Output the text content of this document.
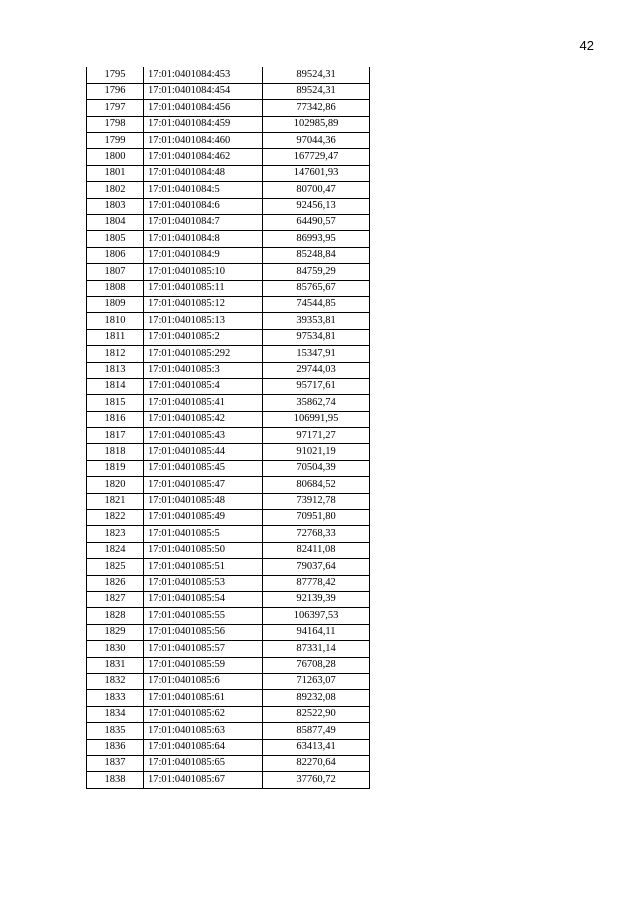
42
1795	17:01:0401084:453	89524,31
1796	17:01:0401084:454	89524,31
1797	17:01:0401084:456	77342,86
1798	17:01:0401084:459	102985,89
1799	17:01:0401084:460	97044,36
1800	17:01:0401084:462	167729,47
1801	17:01:0401084:48	147601,93
1802	17:01:0401084:5	80700,47
1803	17:01:0401084:6	92456,13
1804	17:01:0401084:7	64490,57
1805	17:01:0401084:8	86993,95
1806	17:01:0401084:9	85248,84
1807	17:01:0401085:10	84759,29
1808	17:01:0401085:11	85765,67
1809	17:01:0401085:12	74544,85
1810	17:01:0401085:13	39353,81
1811	17:01:0401085:2	97534,81
1812	17:01:0401085:292	15347,91
1813	17:01:0401085:3	29744,03
1814	17:01:0401085:4	95717,61
1815	17:01:0401085:41	35862,74
1816	17:01:0401085:42	106991,95
1817	17:01:0401085:43	97171,27
1818	17:01:0401085:44	91021,19
1819	17:01:0401085:45	70504,39
1820	17:01:0401085:47	80684,52
1821	17:01:0401085:48	73912,78
1822	17:01:0401085:49	70951,80
1823	17:01:0401085:5	72768,33
1824	17:01:0401085:50	82411,08
1825	17:01:0401085:51	79037,64
1826	17:01:0401085:53	87778,42
1827	17:01:0401085:54	92139,39
1828	17:01:0401085:55	106397,53
1829	17:01:0401085:56	94164,11
1830	17:01:0401085:57	87331,14
1831	17:01:0401085:59	76708,28
1832	17:01:0401085:6	71263,07
1833	17:01:0401085:61	89232,08
1834	17:01:0401085:62	82522,90
1835	17:01:0401085:63	85877,49
1836	17:01:0401085:64	63413,41
1837	17:01:0401085:65	82270,64
1838	17:01:0401085:67	37760,72
